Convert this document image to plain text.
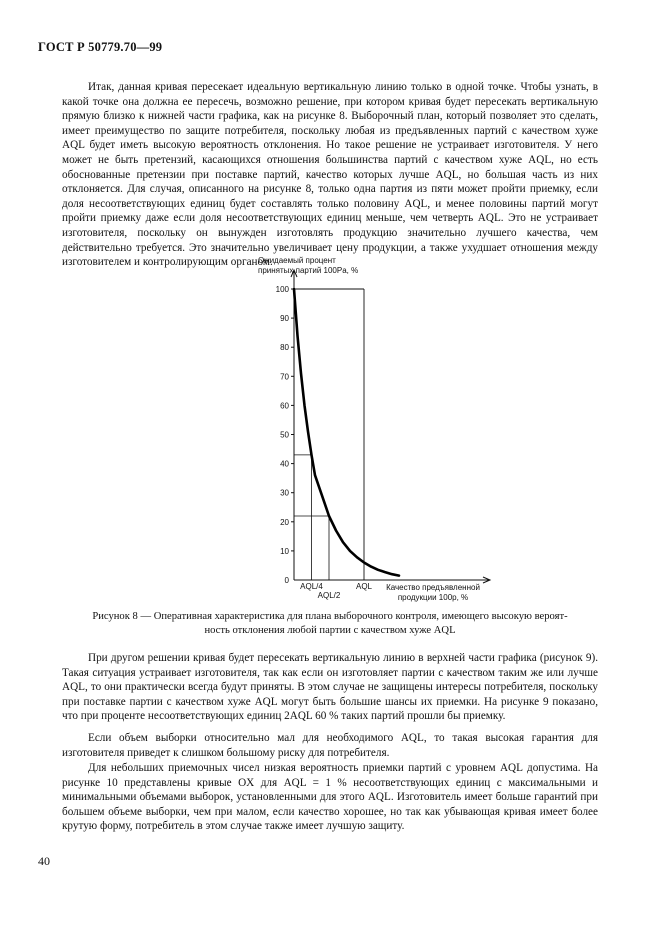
ГОСТ Р 50779.70—99

Итак, данная кривая пересекает идеальную вертикальную линию только в одной точке. Чтобы узнать, в какой точке она должна ее пересечь, возможно решение, при котором кривая будет пересекать вертикальную прямую близко к нижней части графика, как на рисунке 8. Выборочный план, который позволяет это сделать, имеет преимущество по защите потребителя, поскольку любая из предъявленных партий с качеством хуже AQL будет иметь высокую вероятность отклонения. Но такое решение не устраивает изготовителя. У него может не быть претензий, касающихся отношения большинства партий с качеством хуже AQL, но есть обоснованные претензии при поставке партий, качество которых лучше AQL, но большая часть из них отклоняется. Для случая, описанного на рисунке 8, только одна партия из пяти может пройти приемку, если доля несоответствующих единиц будет составлять только половину AQL, и менее половины партий могут пройти приемку даже если доля несоответствующих единиц меньше, чем четверть AQL. Это не устраивает изготовителя, поскольку он вынужден изготовлять продукцию значительно лучшего качества, чем действительно требуется. Это значительно увеличивает цену продукции, а также ухудшает отношения между изготовителем и контролирующим органом.

0
10
20
30
40
50
60
70
80
90
100
Ожидаемый процент
принятых партий 100Pa, %
AQL/4
AQL/2
AQL Качество предъявленной
продукции 100p, %
Рисунок 8 — Оперативная характеристика для плана выборочного контроля, имеющего высокую вероят-
ность отклонения любой партии с качеством хуже AQL

При другом решении кривая будет пересекать вертикальную линию в верхней части графика (рисунок 9). Такая ситуация устраивает изготовителя, так как если он изготовляет партии с качеством таким же или лучше AQL, то они практически всегда будут приняты. В этом случае не защищены интересы потребителя, поскольку при поставке партии с качеством хуже AQL могут быть большие шансы их приемки. На рисунке 9 показано, что при проценте несоответствующих единиц 2AQL 60 % таких партий прошли бы приемку.

Если объем выборки относительно мал для необходимого AQL, то такая высокая гарантия для изготовителя приведет к слишком большому риску для потребителя.

Для небольших приемочных чисел низкая вероятность приемки партий с уровнем AQL допустима. На рисунке 10 представлены кривые OX для AQL = 1 % несоответствующих единиц с максимальными и минимальными объемами выборок, установленными для этого AQL. Изготовитель имеет больше гарантий при большем объеме выборки, чем при малом, если качество хорошее, но так как убывающая кривая имеет более крутую форму, потребитель в этом случае также имеет лучшую защиту.

40
